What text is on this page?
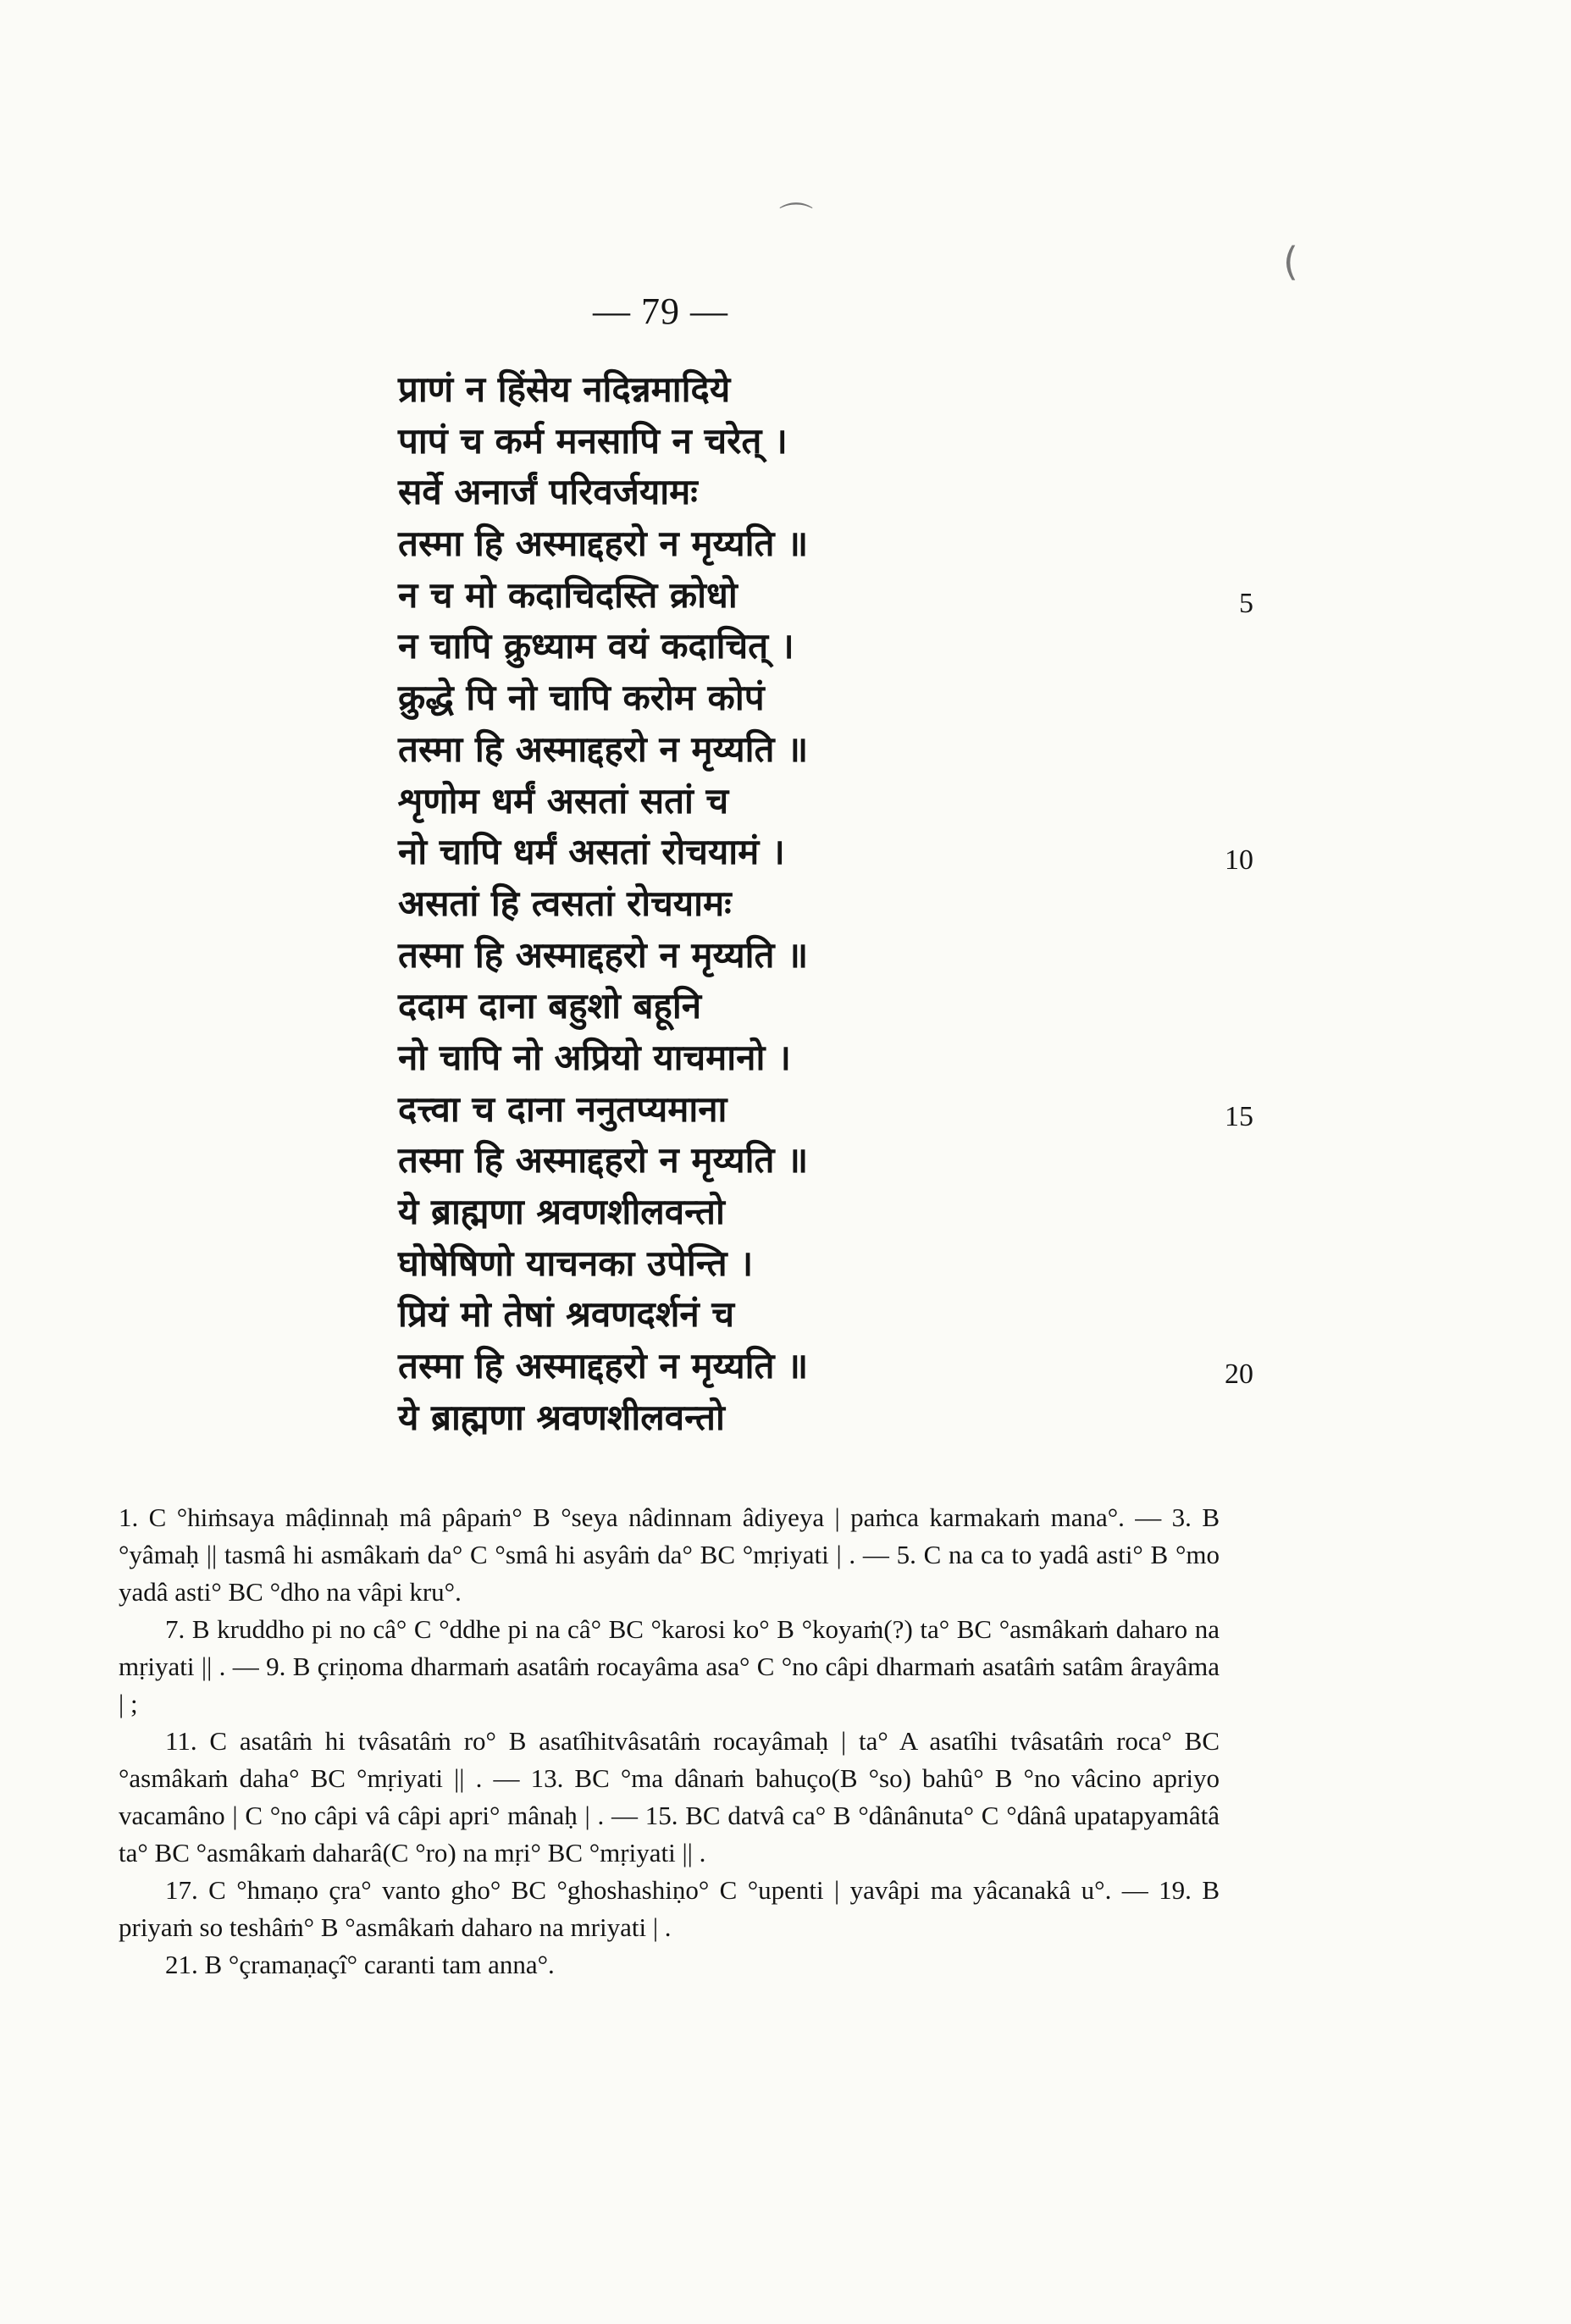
— 79 —
प्राणं न हिंसेय नदिन्नमादिये
पापं च कर्म मनसापि न चरेत् ।
सर्वे अनार्जं परिवर्जयामः
तस्मा हि अस्माद्दहरो न मृय्यति ॥
न च मो कदाचिदस्ति क्रोधो
न चापि क्रुध्याम वयं कदाचित् ।
क्रुद्धे पि नो चापि करोम कोपं
तस्मा हि अस्माद्दहरो न मृय्यति ॥
शृणोम धर्मं असतां सतां च
नो चापि धर्मं असतां रोचयामं ।
असतां हि त्वसतां रोचयामः
तस्मा हि अस्माद्दहरो न मृय्यति ॥
ददाम दाना बहुशो बहूनि
नो चापि नो अप्रियो याचमानो ।
दत्त्वा च दाना ननुतप्यमाना
तस्मा हि अस्माद्दहरो न मृय्यति ॥
ये ब्राह्मणा श्रवणशीलवन्तो
घोषेषिणो याचनका उपेन्ति ।
प्रियं मो तेषां श्रवणदर्शनं च
तस्मा हि अस्माद्दहरो न मृय्यति ॥
ये ब्राह्मणा श्रवणशीलवन्तो
5
10
15
20
⌒
(

1. C °hiṁsaya mâḍinnaḥ mâ pâpaṁ° B °seya nâdinnam âdiyeya | paṁca karmakaṁ mana°. — 3. B °yâmaḥ || tasmâ hi asmâkaṁ da° C °smâ hi asyâṁ da° BC °mṛiyati | . — 5. C na ca to yadâ asti° B °mo yadâ asti° BC °dho na vâpi kru°.

7. B kruddho pi no câ° C °ddhe pi na câ° BC °karosi ko° B °koyaṁ(?) ta° BC °asmâkaṁ daharo na mṛiyati || . — 9. B çriṇoma dharmaṁ asatâṁ rocayâma asa° C °no câpi dharmaṁ asatâṁ satâm ârayâma | ;

11. C asatâṁ hi tvâsatâṁ ro° B asatîhitvâsatâṁ rocayâmaḥ | ta° A asatîhi tvâsatâṁ roca° BC °asmâkaṁ daha° BC °mṛiyati || . — 13. BC °ma dânaṁ bahuço(B °so) bahû° B °no vâcino apriyo vacamâno | C °no câpi vâ câpi apri° mânaḥ | . — 15. BC datvâ ca° B °dânânuta° C °dânâ upatapyamâtâ ta° BC °asmâkaṁ daharâ(C °ro) na mṛi° BC °mṛiyati || .

17. C °hmaṇo çra° vanto gho° BC °ghoshashiṇo° C °upenti | yavâpi ma yâcanakâ u°. — 19. B priyaṁ so teshâṁ° B °asmâkaṁ daharo na mriyati | .

21. B °çramaṇaçî° caranti tam anna°.
